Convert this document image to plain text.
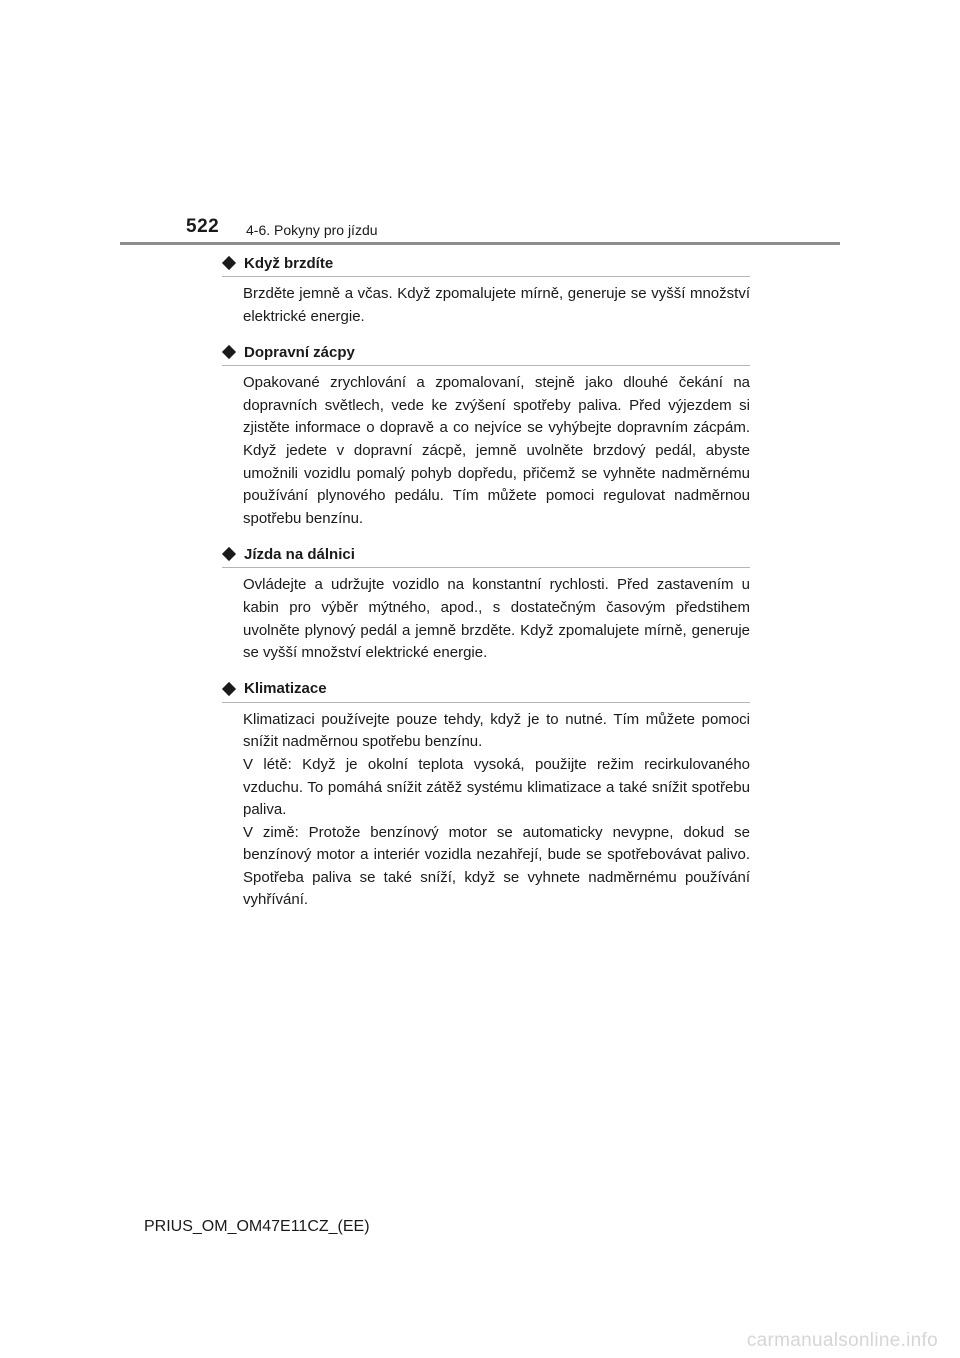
522 4-6. Pokyny pro jízdu
Když brzdíte

Brzděte jemně a včas. Když zpomalujete mírně, generuje se vyšší množství elektrické energie.

Dopravní zácpy

Opakované zrychlování a zpomalovaní, stejně jako dlouhé čekání na dopravních světlech, vede ke zvýšení spotřeby paliva. Před výjezdem si zjistěte informace o dopravě a co nejvíce se vyhýbejte dopravním zácpám. Když jedete v dopravní zácpě, jemně uvolněte brzdový pedál, abyste umožnili vozidlu pomalý pohyb dopředu, přičemž se vyhněte nadměrnému používání plynového pedálu. Tím můžete pomoci regulovat nadměrnou spotřebu benzínu.

Jízda na dálnici

Ovládejte a udržujte vozidlo na konstantní rychlosti. Před zastavením u kabin pro výběr mýtného, apod., s dostatečným časovým předstihem uvolněte plynový pedál a jemně brzděte. Když zpomalujete mírně, generuje se vyšší množství elektrické energie.

Klimatizace

Klimatizaci používejte pouze tehdy, když je to nutné. Tím můžete pomoci snížit nadměrnou spotřebu benzínu.

V létě: Když je okolní teplota vysoká, použijte režim recirkulovaného vzduchu. To pomáhá snížit zátěž systému klimatizace a také snížit spotřebu paliva.

V zimě: Protože benzínový motor se automaticky nevypne, dokud se benzínový motor a interiér vozidla nezahřejí, bude se spotřebovávat palivo. Spotřeba paliva se také sníží, když se vyhnete nadměrnému používání vyhřívání.

PRIUS_OM_OM47E11CZ_(EE)
carmanualsonline.info
